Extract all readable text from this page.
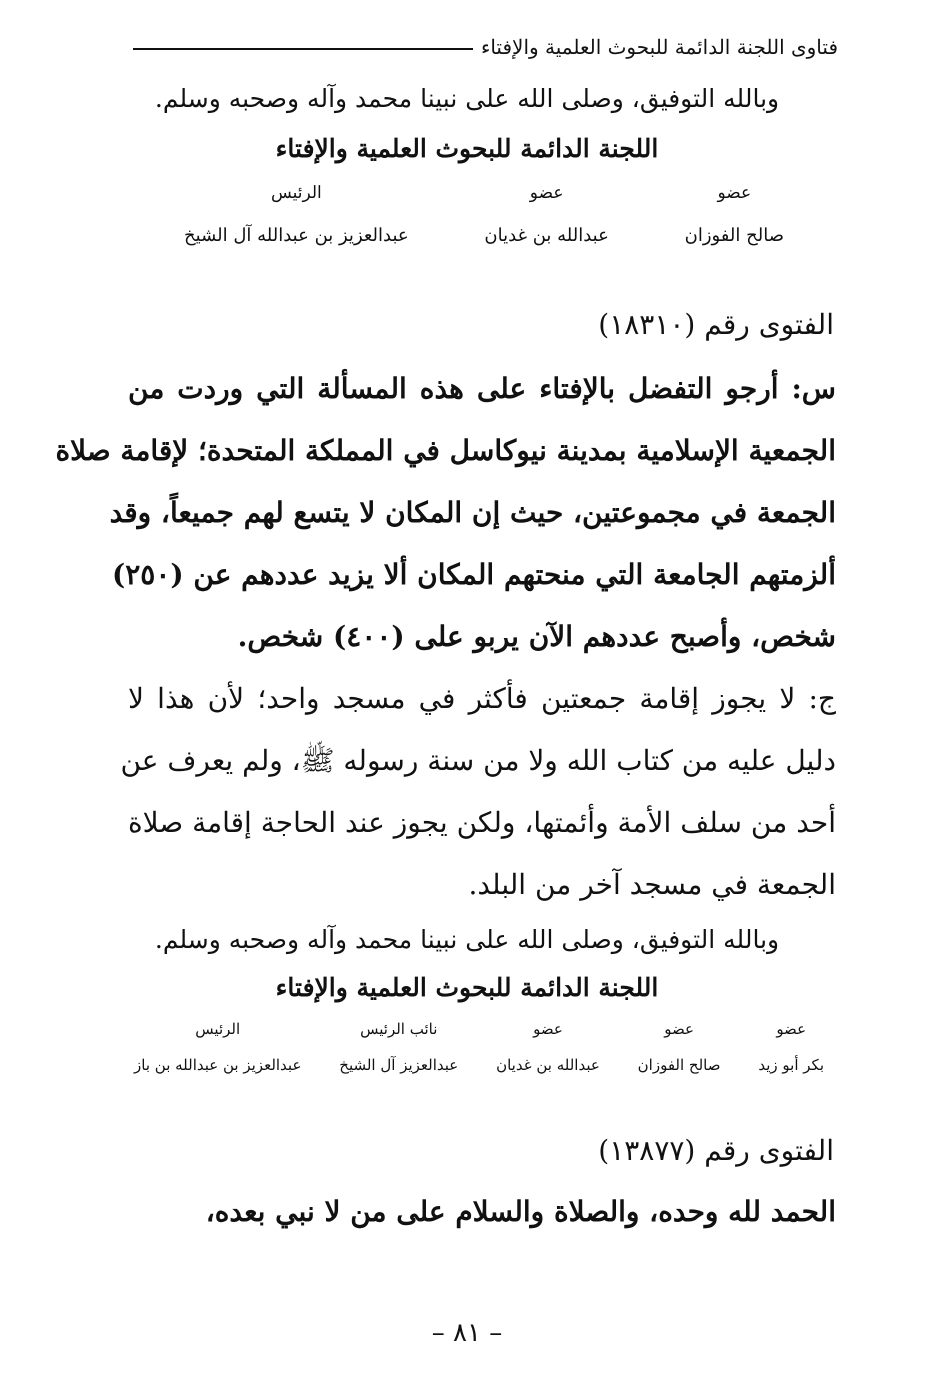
فتاوى اللجنة الدائمة للبحوث العلمية والإفتاء
وبالله التوفيق، وصلى الله على نبينا محمد وآله وصحبه وسلم.
اللجنة الدائمة للبحوث العلمية والإفتاء
عضو
صالح الفوزان
عضو
عبدالله بن غديان
الرئيس
عبدالعزيز بن عبدالله آل الشيخ
الفتوى رقم (١٨٣١٠)
س: أرجو التفضل بالإفتاء على هذه المسألة التي وردت من
الجمعية الإسلامية بمدينة نيوكاسل في المملكة المتحدة؛ لإقامة صلاة
الجمعة في مجموعتين، حيث إن المكان لا يتسع لهم جميعاً، وقد
ألزمتهم الجامعة التي منحتهم المكان ألا يزيد عددهم عن (٢٥٠)
شخص، وأصبح عددهم الآن يربو على (٤٠٠) شخص.
ج: لا يجوز إقامة جمعتين فأكثر في مسجد واحد؛ لأن هذا لا
دليل عليه من كتاب الله ولا من سنة رسوله ﷺ، ولم يعرف عن
أحد من سلف الأمة وأئمتها، ولكن يجوز عند الحاجة إقامة صلاة
الجمعة في مسجد آخر من البلد.
وبالله التوفيق، وصلى الله على نبينا محمد وآله وصحبه وسلم.
اللجنة الدائمة للبحوث العلمية والإفتاء
عضو
بكر أبو زيد
عضو
صالح الفوزان
عضو
عبدالله بن غديان
نائب الرئيس
عبدالعزيز آل الشيخ
الرئيس
عبدالعزيز بن عبدالله بن باز
الفتوى رقم (١٣٨٧٧)
الحمد لله وحده، والصلاة والسلام على من لا نبي بعده،
– ٨١ –
